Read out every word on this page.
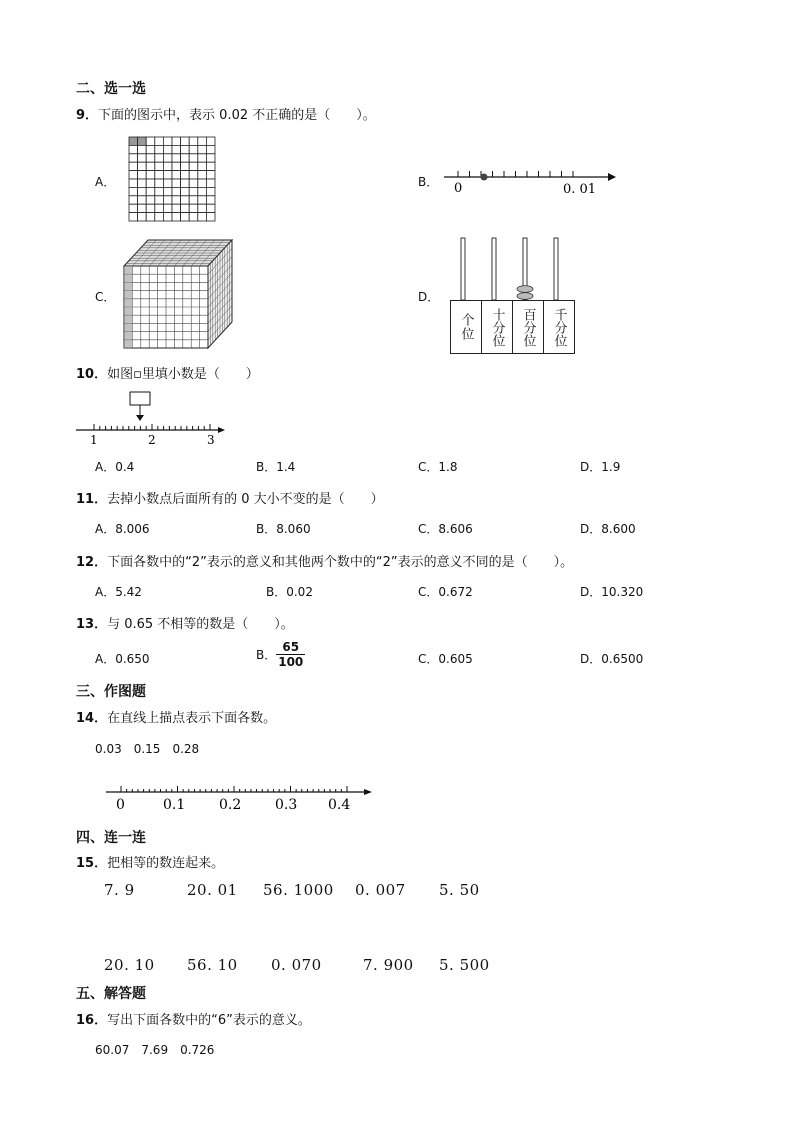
二、选一选
9．下面的图示中，表示 0.02 不正确的是（　　）。
A．	B． 0	0. 01
C．	D．
个位	十分位	百分位	千分位
10．如图▫里填小数是（　　）
1	2	3
A．0.4	B．1.4	C．1.8	D．1.9
11．去掉小数点后面所有的 0 大小不变的是（　　）
A．8.006	B．8.060	C．8.606	D．8.600
12．下面各数中的“2”表示的意义和其他两个数中的“2”表示的意义不同的是（　　）。
A．5.42	B．0.02	C．0.672	D．10.320
13．与 0.65 不相等的数是（　　）。
A．0.650	B． $\frac{65}{100}$	C．0.605	D．0.6500
三、作图题
14．在直线上描点表示下面各数。
0.03　0.15　0.28
0	0.1 0.2 0.3 0.4
四、连一连
15．把相等的数连起来。
7. 9	20. 01 56. 1000 0. 007 5. 50
20. 10 56. 10 0. 070	7. 900 5. 500
五、解答题
16．写出下面各数中的“6”表示的意义。
60.07　7.69　0.726
